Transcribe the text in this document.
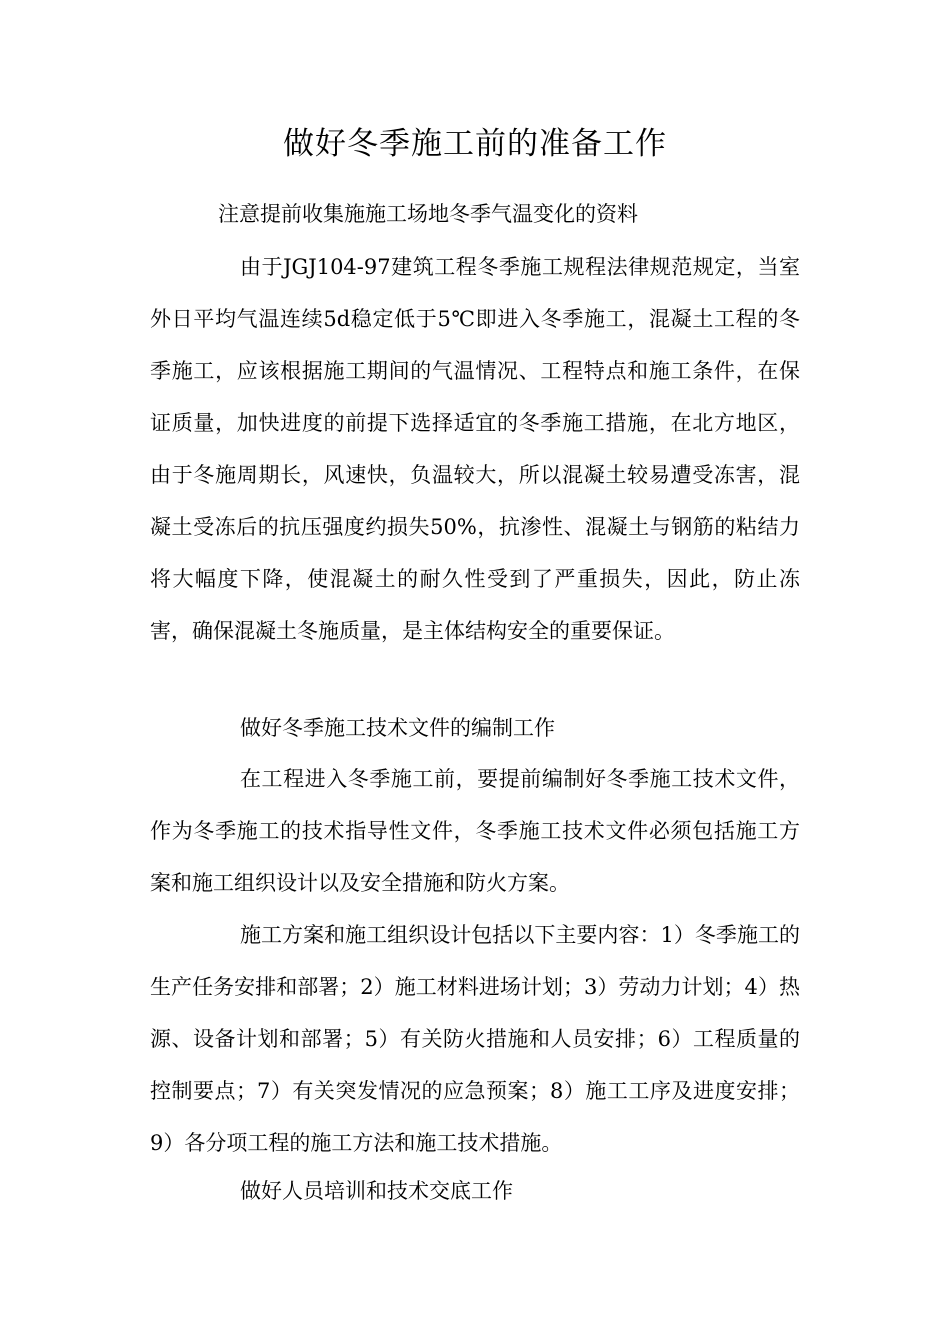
做好冬季施工前的准备工作

注意提前收集施施工场地冬季气温变化的资料

由于JGJ104-97建筑工程冬季施工规程法律规范规定，当室外日平均气温连续5d稳定低于5℃即进入冬季施工，混凝土工程的冬季施工，应该根据施工期间的气温情况、工程特点和施工条件，在保证质量，加快进度的前提下选择适宜的冬季施工措施，在北方地区，由于冬施周期长，风速快，负温较大，所以混凝土较易遭受冻害，混凝土受冻后的抗压强度约损失50%，抗渗性、混凝土与钢筋的粘结力将大幅度下降，使混凝土的耐久性受到了严重损失，因此，防止冻害，确保混凝土冬施质量，是主体结构安全的重要保证。

做好冬季施工技术文件的编制工作

在工程进入冬季施工前，要提前编制好冬季施工技术文件，作为冬季施工的技术指导性文件，冬季施工技术文件必须包括施工方案和施工组织设计以及安全措施和防火方案。

施工方案和施工组织设计包括以下主要内容：1）冬季施工的生产任务安排和部署；2）施工材料进场计划；3）劳动力计划；4）热源、设备计划和部署；5）有关防火措施和人员安排；6）工程质量的控制要点；7）有关突发情况的应急预案；8）施工工序及进度安排；9）各分项工程的施工方法和施工技术措施。

做好人员培训和技术交底工作
